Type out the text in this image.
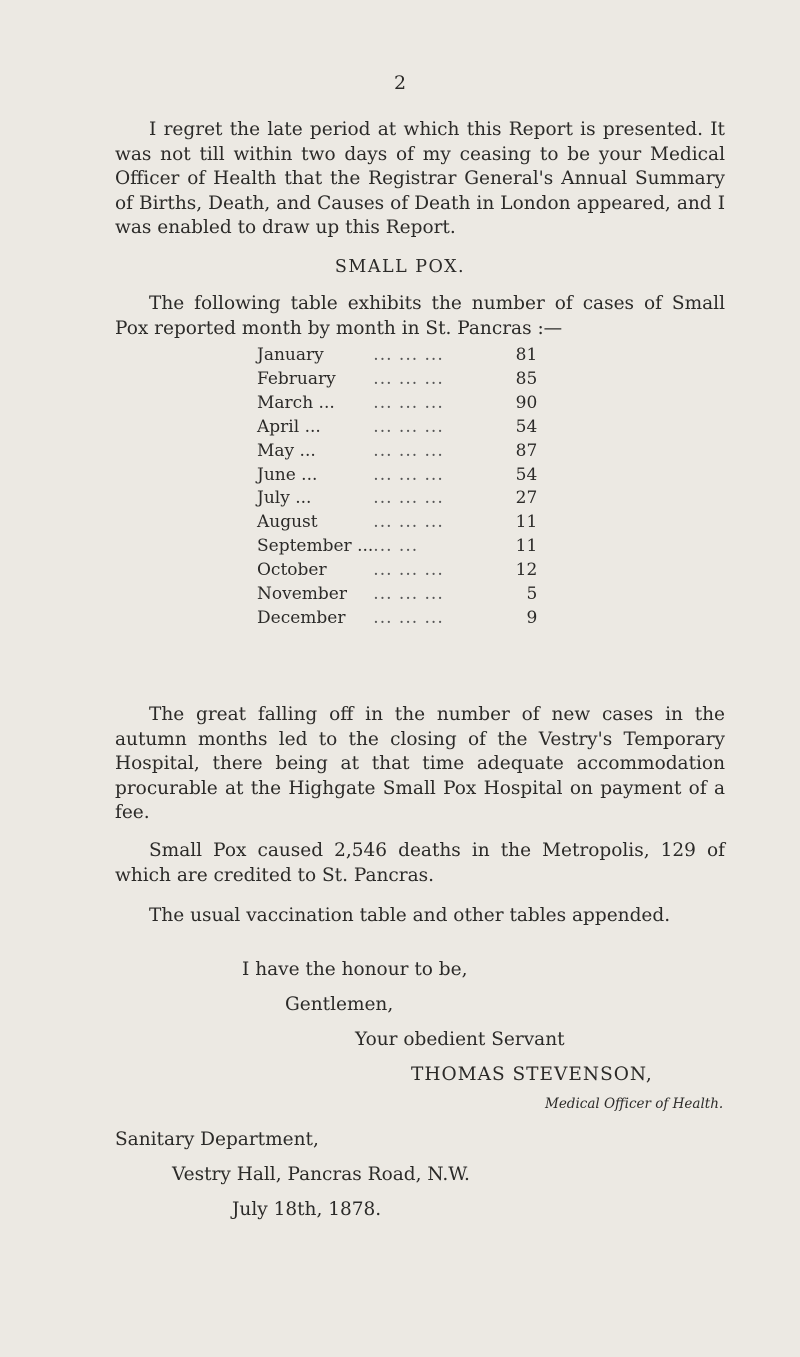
2

I regret the late period at which this Report is presented. It was not till within two days of my ceasing to be your Medical Officer of Health that the Registrar General's Annual Summary of Births, Death, and Causes of Death in London appeared, and I was enabled to draw up this Report.

SMALL POX.

The following table exhibits the number of cases of Small Pox reported month by month in St. Pancras :—

January	... ... ...	81
February	... ... ...	85
March ...	... ... ...	90
April ...	... ... ...	54
May ...	... ... ...	87
June ...	... ... ...	54
July ...	... ... ...	27
August	... ... ...	11
September ...	... ...	11
October	... ... ...	12
November	... ... ...	5
December	... ... ...	9

The great falling off in the number of new cases in the autumn months led to the closing of the Vestry's Temporary Hospital, there being at that time adequate accommodation procurable at the Highgate Small Pox Hospital on payment of a fee.

Small Pox caused 2,546 deaths in the Metropolis, 129 of which are credited to St. Pancras.

The usual vaccination table and other tables appended.

I have the honour to be,
Gentlemen,
Your obedient Servant
THOMAS STEVENSON,
Medical Officer of Health.
Sanitary Department,
Vestry Hall, Pancras Road, N.W.
July 18th, 1878.
